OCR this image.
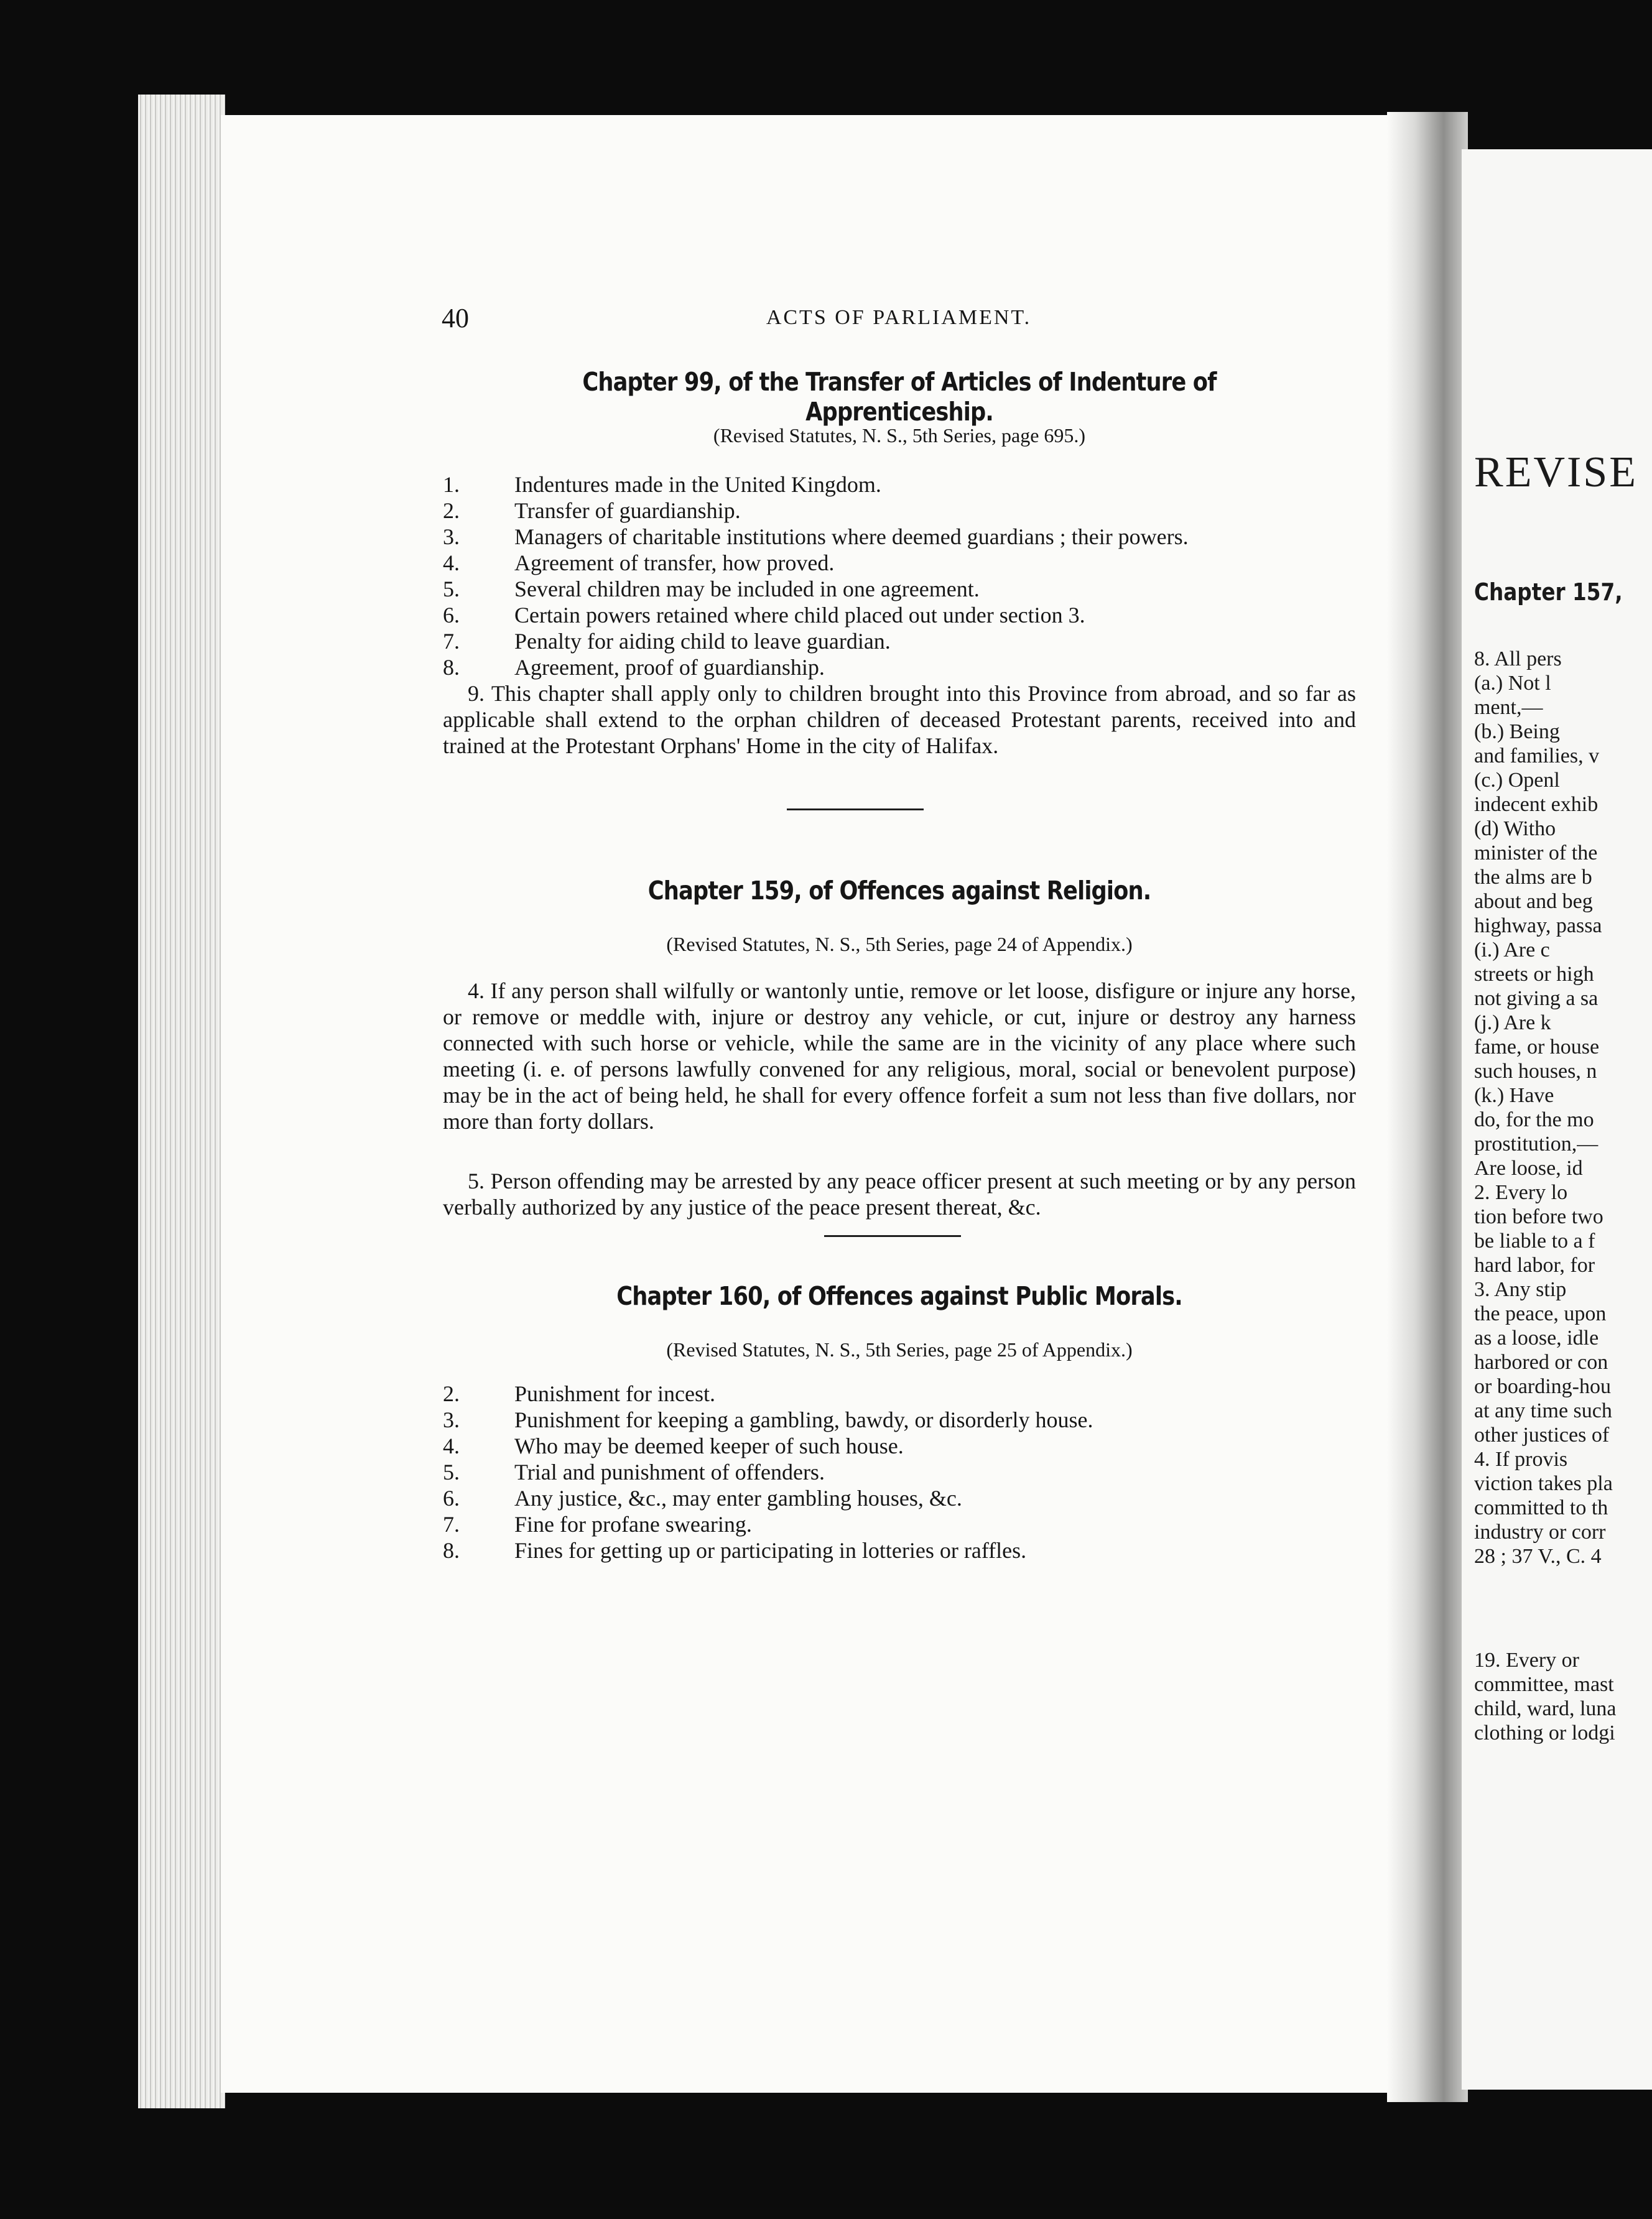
REVISE
Chapter 157,
8. All pers
(a.) Not l
ment,—
(b.) Being
and families, v
(c.) Openl
indecent exhib
(d) Witho
minister of the
the alms are b
about and beg
highway, passa
(i.) Are c
streets or high
not giving a sa
(j.) Are k
fame, or house
such houses, n
(k.) Have
do, for the mo
prostitution,—
Are loose, id
2. Every lo
tion before two
be liable to a f
hard labor, for
3. Any stip
the peace, upon
as a loose, idle
harbored or con
or boarding-hou
at any time such
other justices of
4. If provis
viction takes pla
committed to th
industry or corr
28 ; 37 V., C. 4
19. Every or
committee, mast
child, ward, luna
clothing or lodgi
40	ACTS OF PARLIAMENT.
Chapter 99, of the Transfer of Articles of Indenture of Apprenticeship.
(Revised Statutes, N. S., 5th Series, page 695.)
1.	Indentures made in the United Kingdom.
2.	Transfer of guardianship.
3.	Managers of charitable institutions where deemed guardians ; their powers.
4.	Agreement of transfer, how proved.
5.	Several children may be included in one agreement.
6.	Certain powers retained where child placed out under section 3.
7.	Penalty for aiding child to leave guardian.
8.	Agreement, proof of guardianship.
9. This chapter shall apply only to children brought into this Province from abroad, and so far as applicable shall extend to the orphan children of deceased Protestant parents, received into and trained at the Protestant Orphans' Home in the city of Halifax.
Chapter 159, of Offences against Religion.
(Revised Statutes, N. S., 5th Series, page 24 of Appendix.)
4. If any person shall wilfully or wantonly untie, remove or let loose, disfigure or injure any horse, or remove or meddle with, injure or destroy any vehicle, or cut, injure or destroy any harness connected with such horse or vehicle, while the same are in the vicinity of any place where such meeting (i. e. of persons lawfully convened for any religious, moral, social or benevolent purpose) may be in the act of being held, he shall for every offence forfeit a sum not less than five dollars, nor more than forty dollars.
5. Person offending may be arrested by any peace officer present at such meeting or by any person verbally authorized by any justice of the peace present thereat, &c.
Chapter 160, of Offences against Public Morals.
(Revised Statutes, N. S., 5th Series, page 25 of Appendix.)
2.	Punishment for incest.
3.	Punishment for keeping a gambling, bawdy, or disorderly house.
4.	Who may be deemed keeper of such house.
5.	Trial and punishment of offenders.
6.	Any justice, &c., may enter gambling houses, &c.
7.	Fine for profane swearing.
8.	Fines for getting up or participating in lotteries or raffles.
